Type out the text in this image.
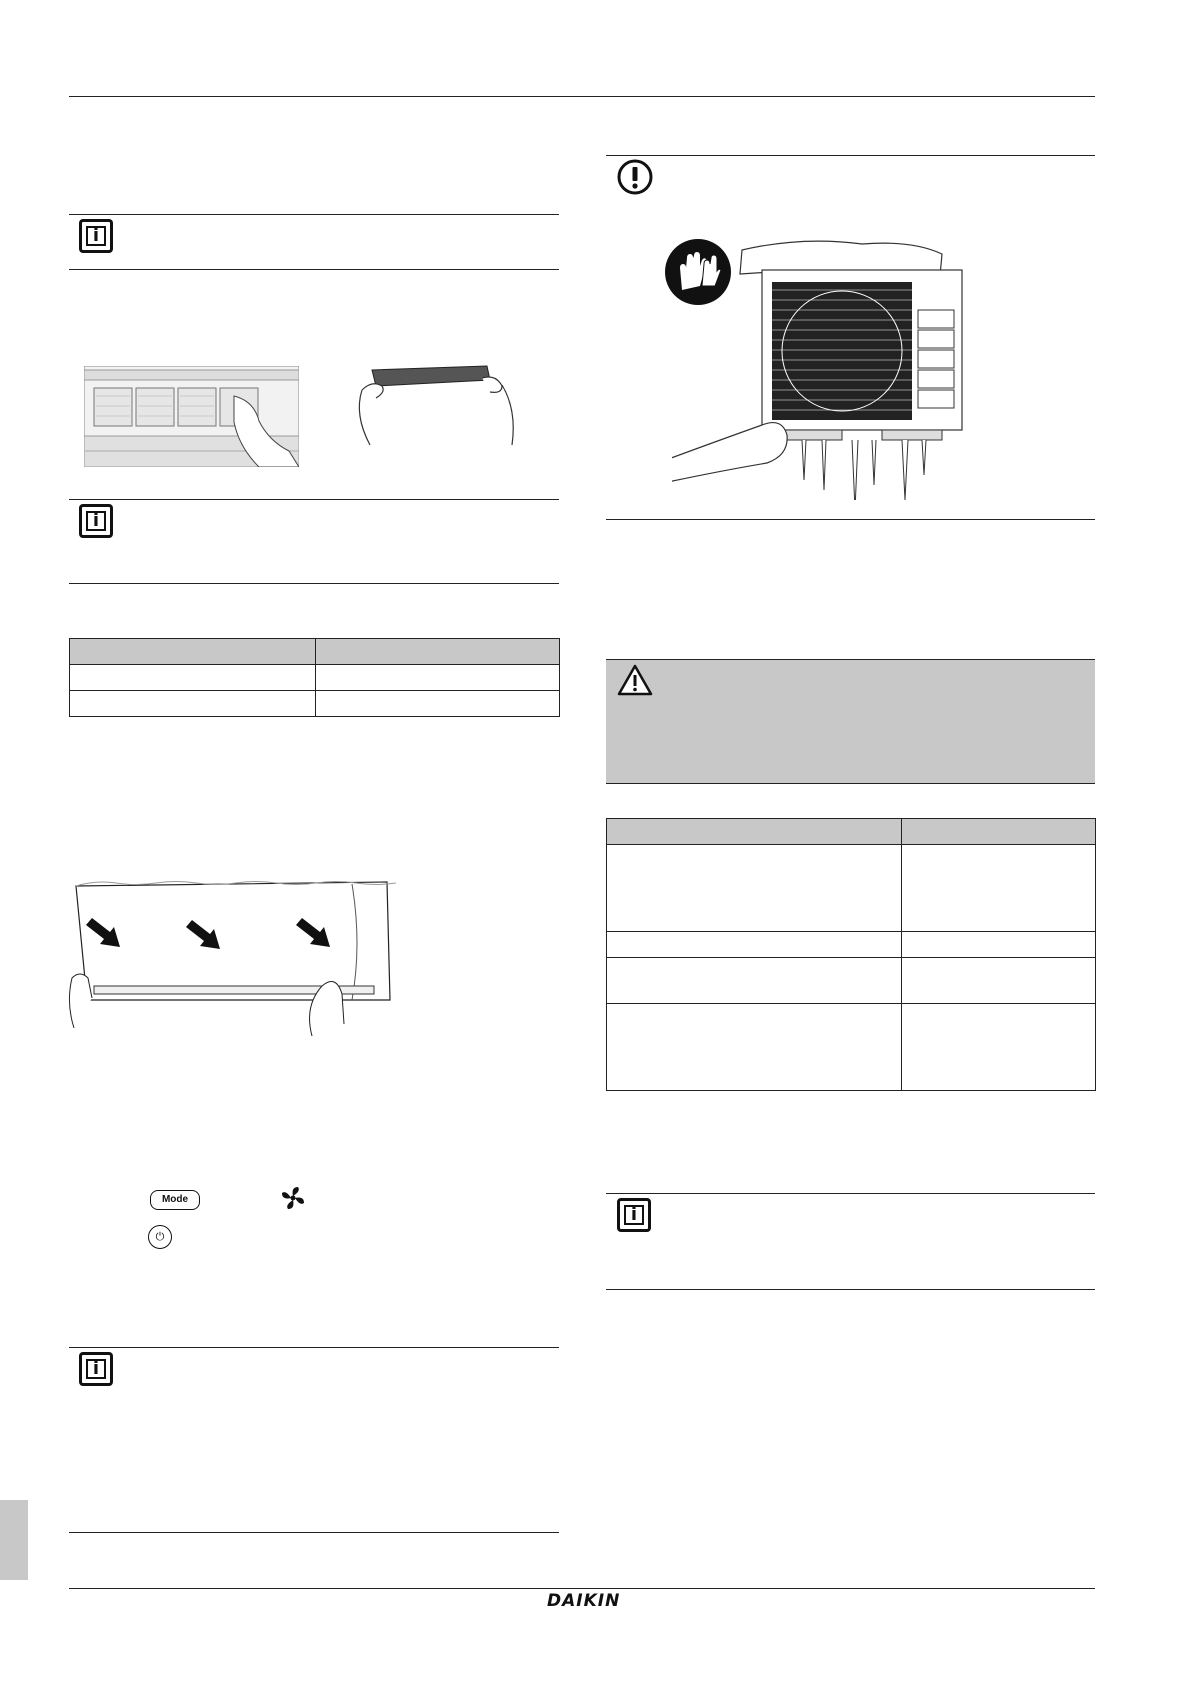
i
i

Mode
⏻
i

i
DAIKIN
